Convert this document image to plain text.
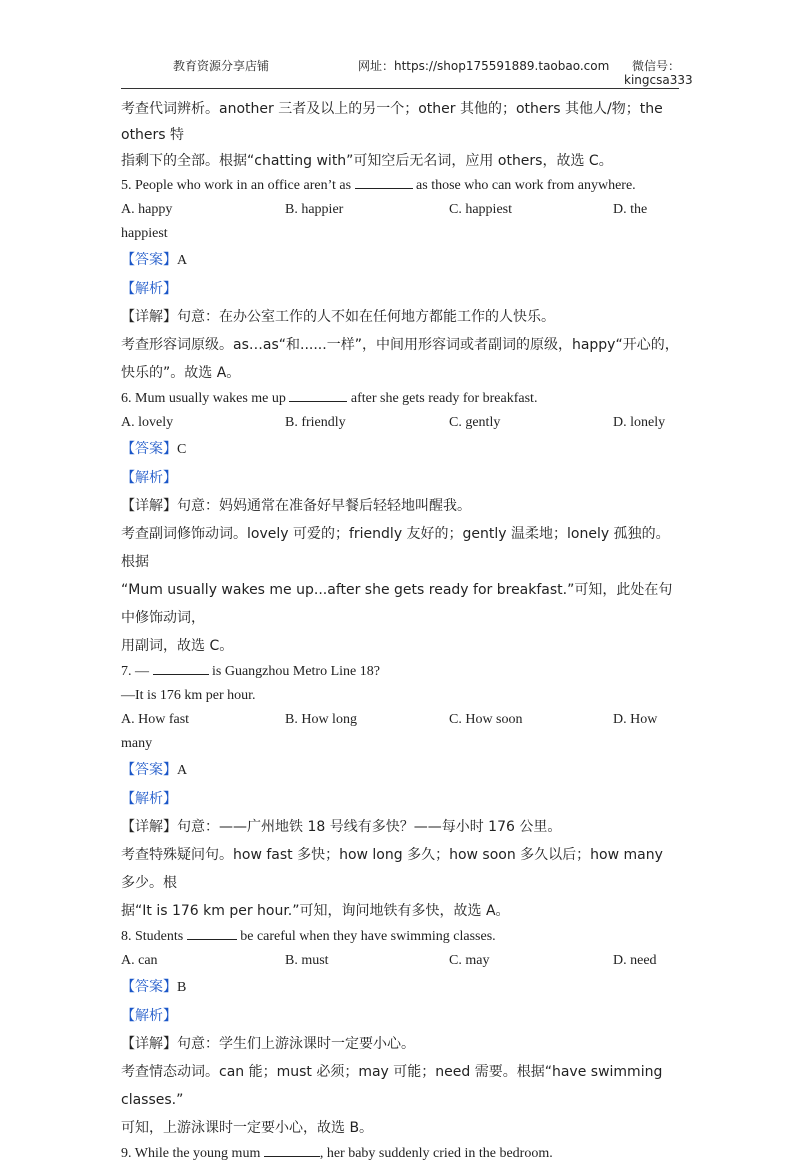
教育资源分享店铺	网址：https://shop175591889.taobao.com 微信号：
kingcsa333

考查代词辨析。another 三者及以上的另一个；other 其他的；others 其他人/物；the others 特

指剩下的全部。根据“chatting with”可知空后无名词，应用 others，故选 C。

5. People who work in an office aren’t as	as those who can work from anywhere.

A. happy	B. happier	C. happiest	D. the

happiest

【答案】A

【解析】

【详解】句意：在办公室工作的人不如在任何地方都能工作的人快乐。

考查形容词原级。as…as“和......一样”，中间用形容词或者副词的原级，happy“开心的，

快乐的”。故选 A。

6. Mum usually wakes me up	after she gets ready for breakfast.

A. lovely	B. friendly	C. gently	D. lonely

【答案】C

【解析】

【详解】句意：妈妈通常在准备好早餐后轻轻地叫醒我。

考查副词修饰动词。lovely 可爱的；friendly 友好的；gently 温柔地；lonely 孤独的。根据

“Mum usually wakes me up...after she gets ready for breakfast.”可知，此处在句中修饰动词，

用副词，故选 C。

7. —	is Guangzhou Metro Line 18?

—It is 176 km per hour.

A. How fast	B. How long	C. How soon	D. How

many

【答案】A

【解析】

【详解】句意：——广州地铁 18 号线有多快？——每小时 176 公里。

考查特殊疑问句。how fast 多快；how long 多久；how soon 多久以后；how many 多少。根

据“It is 176 km per hour.”可知，询问地铁有多快，故选 A。

8. Students	be careful when they have swimming classes.

A. can	B. must	C. may	D. need

【答案】B

【解析】

【详解】句意：学生们上游泳课时一定要小心。

考查情态动词。can 能；must 必须；may 可能；need 需要。根据“have swimming classes.”

可知，上游泳课时一定要小心，故选 B。

9. While the young mum	, her baby suddenly cried in the bedroom.
